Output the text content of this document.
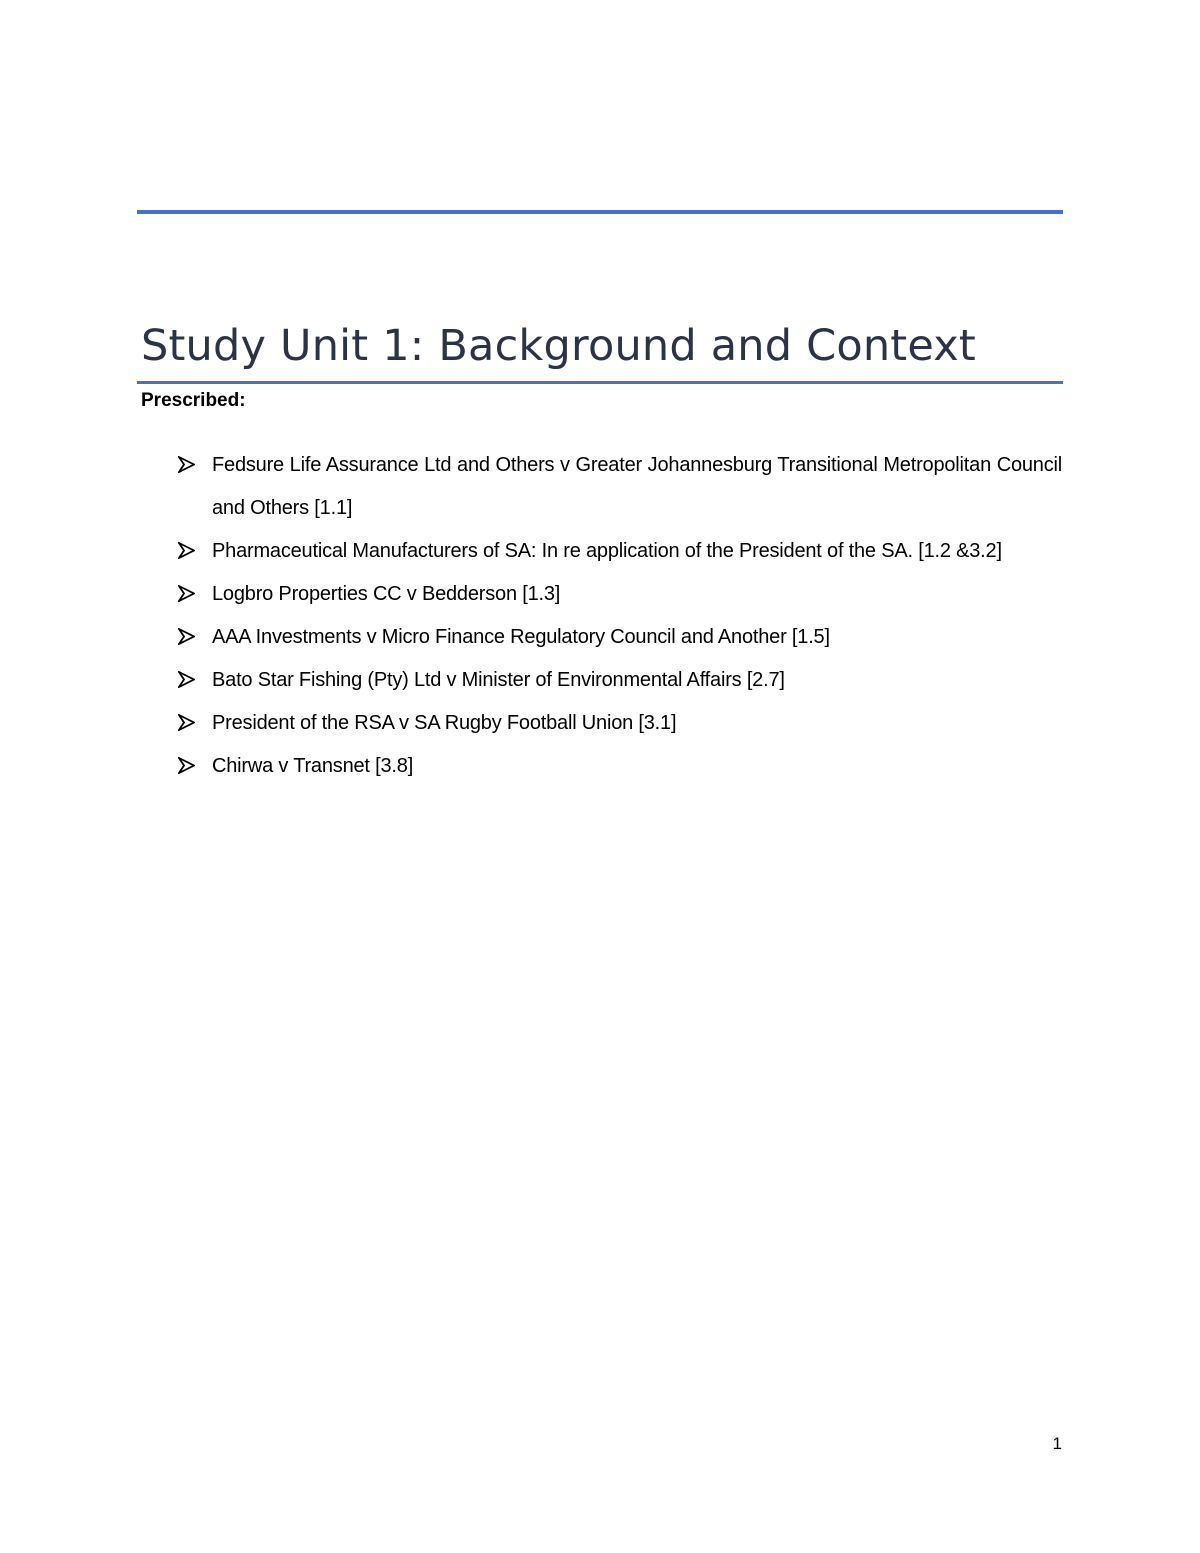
Study Unit 1: Background and Context
Prescribed:
Fedsure Life Assurance Ltd and Others v Greater Johannesburg Transitional Metropolitan Council and Others [1.1]
Pharmaceutical Manufacturers of SA: In re application of the President of the SA. [1.2 &3.2]
Logbro Properties CC v Bedderson [1.3]
AAA Investments v Micro Finance Regulatory Council and Another [1.5]
Bato Star Fishing (Pty) Ltd v Minister of Environmental Affairs [2.7]
President of the RSA v SA Rugby Football Union [3.1]
Chirwa v Transnet [3.8]
1
